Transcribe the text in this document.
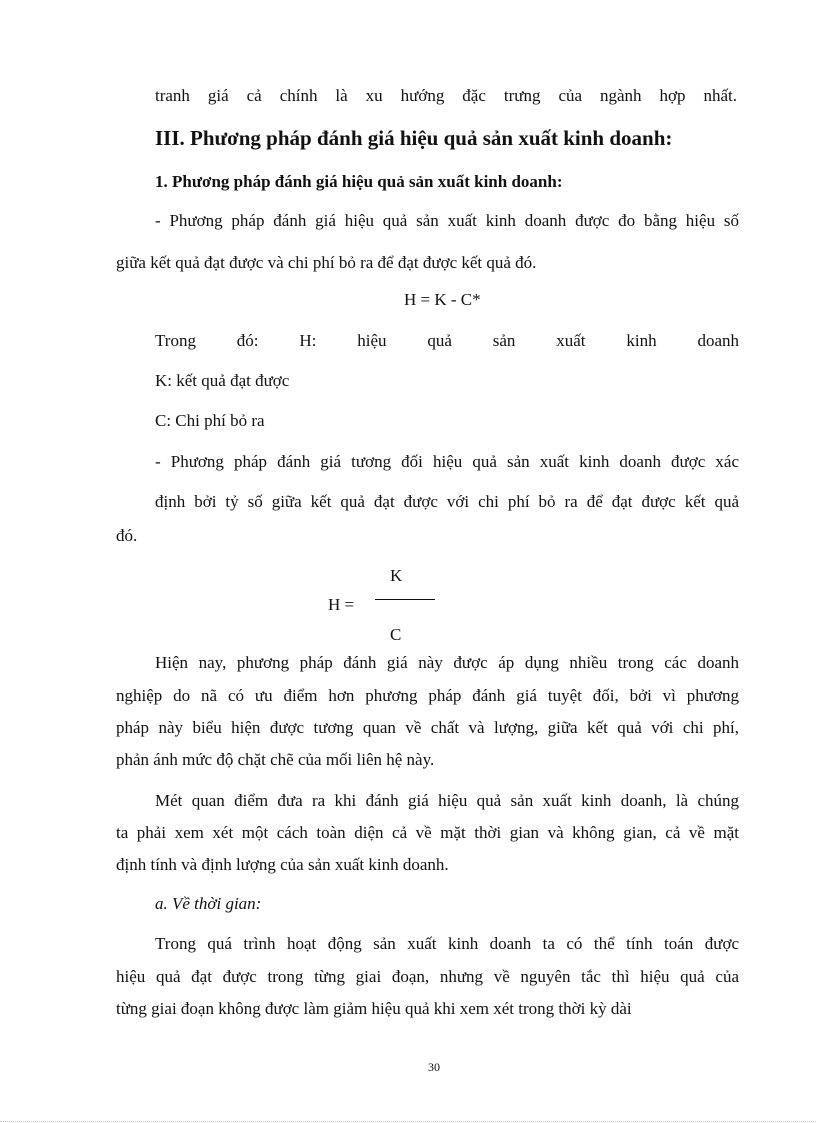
tranh giá cả chính là xu hướng đặc trưng của ngành hợp nhất.
III. Phương pháp đánh giá hiệu quả sản xuất kinh doanh:
1. Phương pháp đánh giá hiệu quả sản xuất kinh doanh:
- Phương pháp đánh giá hiệu quả sản xuất kinh doanh được đo bằng hiệu số
giữa kết quả đạt được và chi phí bỏ ra để đạt được kết quả đó.
H = K - C*
Trong đó: H: hiệu quả sản xuất kinh doanh
K: kết quả đạt được
C: Chi phí bỏ ra
- Phương pháp đánh giá tương đối hiệu quả sản xuất kinh doanh được xác
định bởi tỷ số giữa kết quả đạt được với chi phí bỏ ra để đạt được kết quả
đó.
H =
K
C
Hiện nay, phương pháp đánh giá này được áp dụng nhiều trong các doanh
nghiệp do nã có ưu điểm hơn phương pháp đánh giá tuyệt đối, bởi vì phương
pháp này biểu hiện được tương quan về chất và lượng, giữa kết quả với chi phí,
phản ánh mức độ chặt chẽ của mối liên hệ này.
Mét quan điểm đưa ra khi đánh giá hiệu quả sản xuất kinh doanh, là chúng
ta phải xem xét một cách toàn diện cả về mặt thời gian và không gian, cả về mặt
định tính và định lượng của sản xuất kinh doanh.
a. Về thời gian:
Trong quá trình hoạt động sản xuất kinh doanh ta có thể tính toán được
hiệu quả đạt được trong từng giai đoạn, nhưng về nguyên tắc thì hiệu quả của
từng giai đoạn không được làm giảm hiệu quả khi xem xét trong thời kỳ dài
30
